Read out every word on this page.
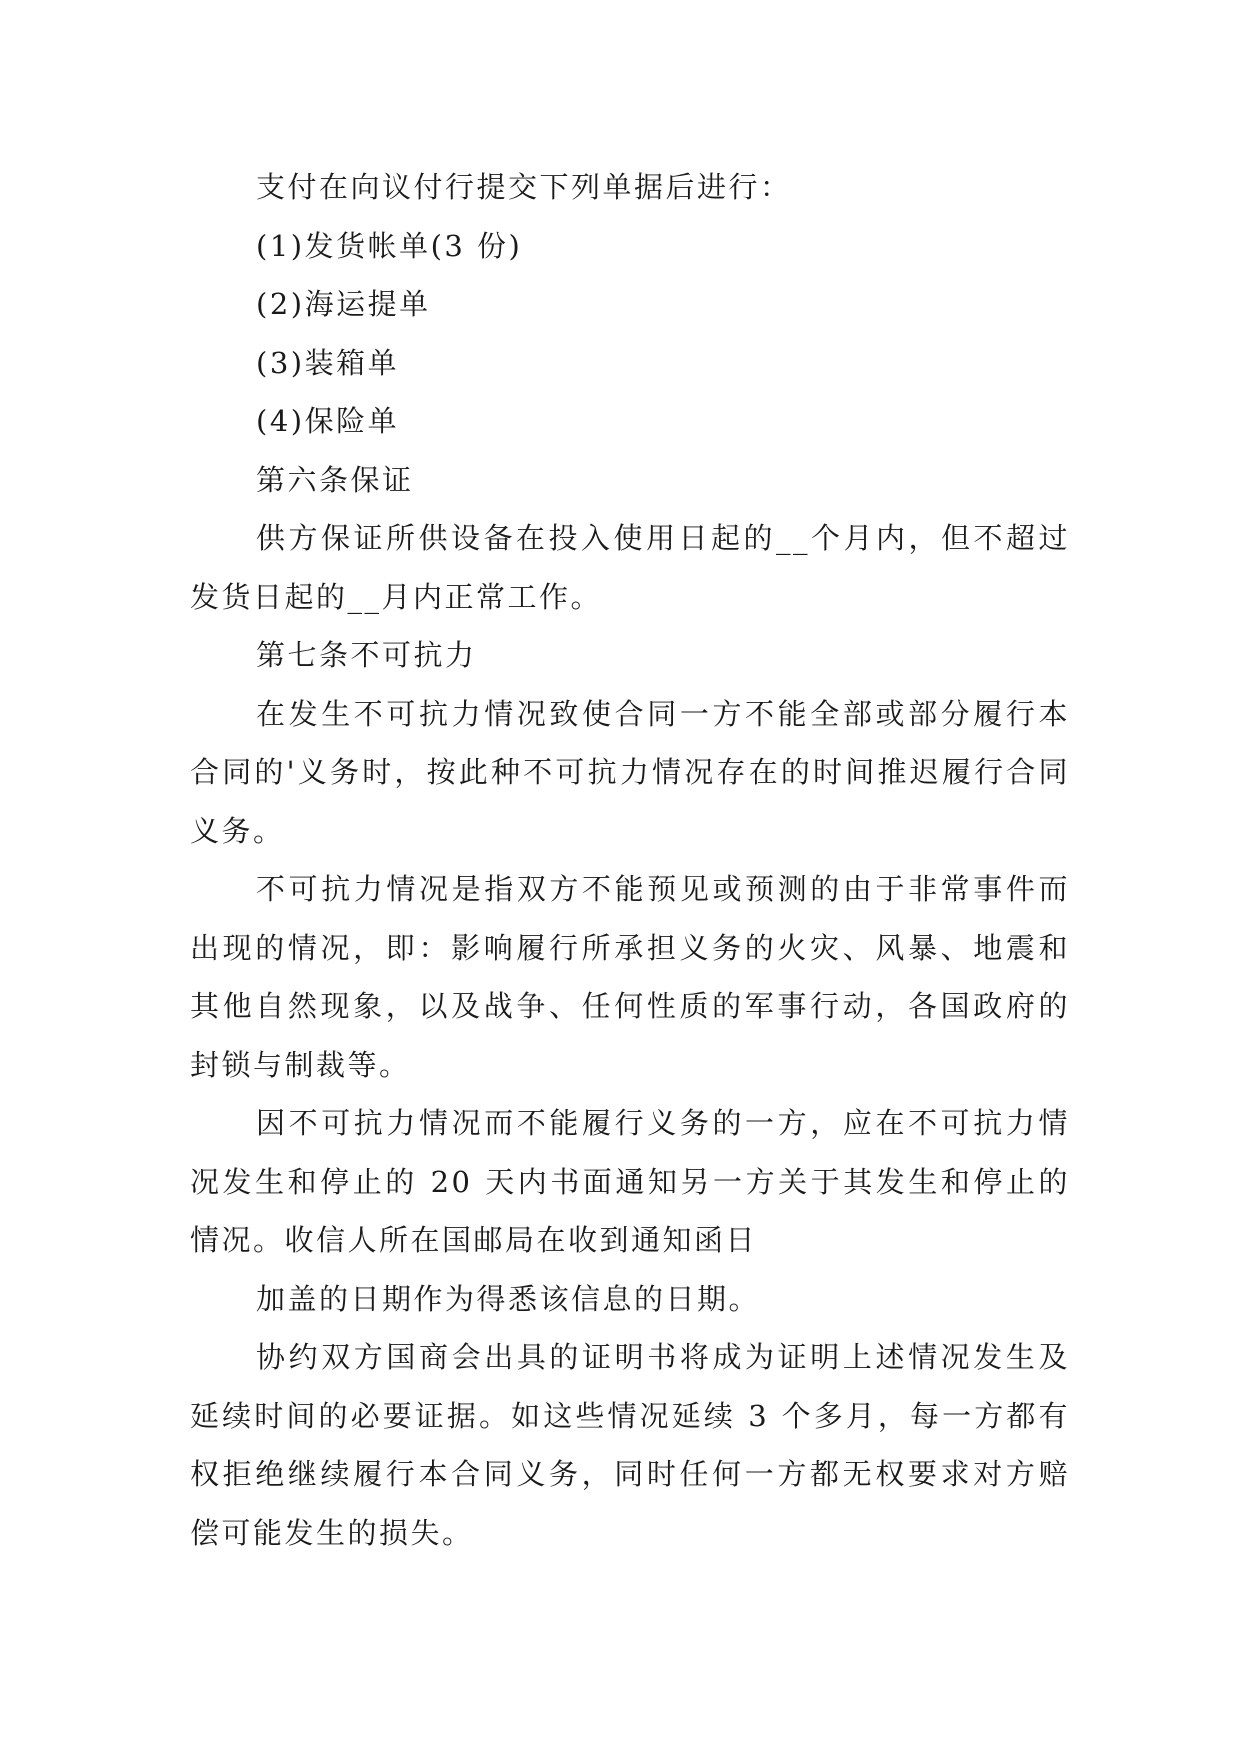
支付在向议付行提交下列单据后进行：

(1)发货帐单(3 份)

(2)海运提单

(3)装箱单

(4)保险单

第六条保证

供方保证所供设备在投入使用日起的__个月内，但不超过发货日起的__月内正常工作。

第七条不可抗力

在发生不可抗力情况致使合同一方不能全部或部分履行本合同的'义务时，按此种不可抗力情况存在的时间推迟履行合同义务。

不可抗力情况是指双方不能预见或预测的由于非常事件而出现的情况，即：影响履行所承担义务的火灾、风暴、地震和其他自然现象，以及战争、任何性质的军事行动，各国政府的封锁与制裁等。

因不可抗力情况而不能履行义务的一方，应在不可抗力情况发生和停止的 20 天内书面通知另一方关于其发生和停止的情况。收信人所在国邮局在收到通知函日

加盖的日期作为得悉该信息的日期。

协约双方国商会出具的证明书将成为证明上述情况发生及延续时间的必要证据。如这些情况延续 3 个多月，每一方都有权拒绝继续履行本合同义务，同时任何一方都无权要求对方赔偿可能发生的损失。
